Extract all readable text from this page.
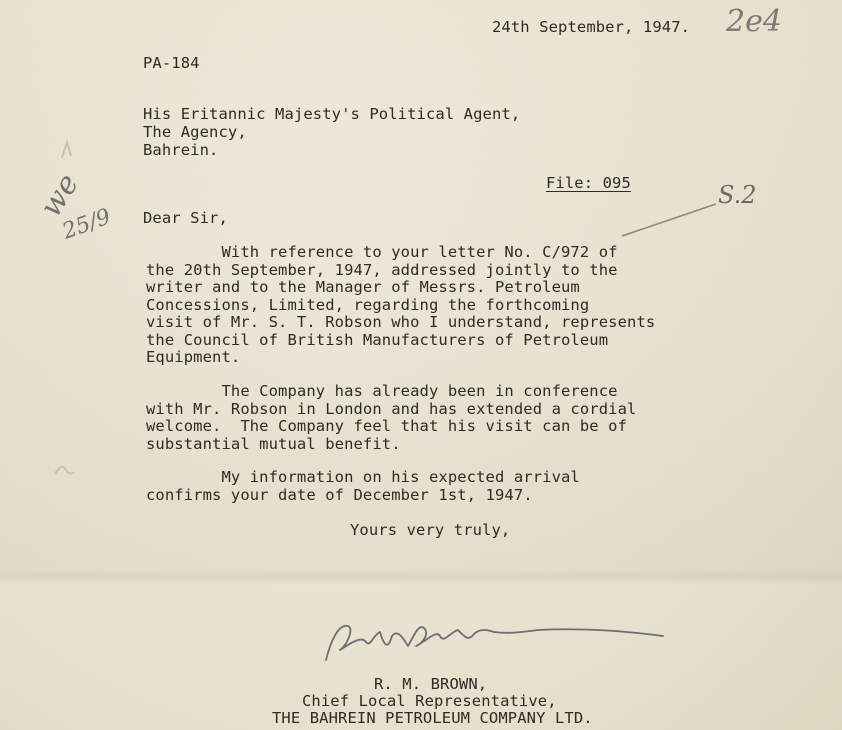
24th September, 1947. 2e4
PA-184
His Eritannic Majesty's Political Agent,
The Agency,
Bahrein.
File: 095
we
25/9
S.2
Dear Sir,
With reference to your letter No. C/972 of
the 20th September, 1947, addressed jointly to the
writer and to the Manager of Messrs. Petroleum
Concessions, Limited, regarding the forthcoming
visit of Mr. S. T. Robson who I understand, represents
the Council of British Manufacturers of Petroleum
Equipment.
The Company has already been in conference
with Mr. Robson in London and has extended a cordial
welcome.  The Company feel that his visit can be of
substantial mutual benefit.
My information on his expected arrival
confirms your date of December 1st, 1947.
Yours very truly,
R. M. BROWN,
Chief Local Representative,
THE BAHREIN PETROLEUM COMPANY LTD.
